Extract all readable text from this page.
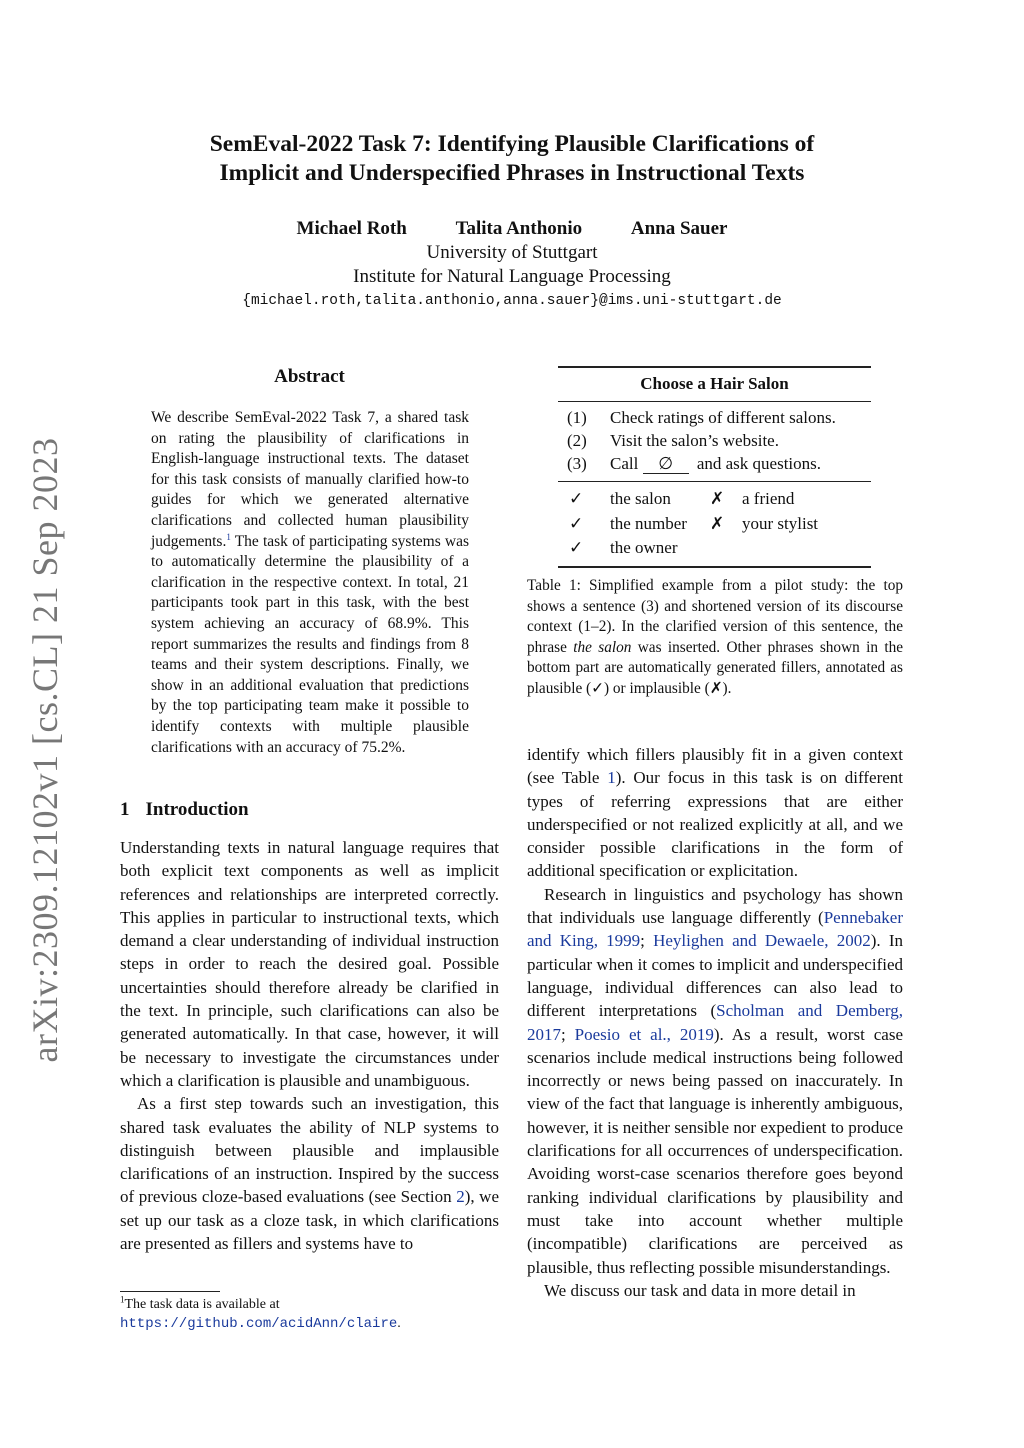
arXiv:2309.12102v1 [cs.CL] 21 Sep 2023
SemEval-2022 Task 7: Identifying Plausible Clarifications of
Implicit and Underspecified Phrases in Instructional Texts
Michael Roth	Talita Anthonio	Anna Sauer
University of Stuttgart
Institute for Natural Language Processing
{michael.roth,talita.anthonio,anna.sauer}@ims.uni-stuttgart.de
Abstract
We describe SemEval-2022 Task 7, a shared task on rating the plausibility of clarifications in English-language instructional texts. The dataset for this task consists of manually clarified how-to guides for which we generated alternative clarifications and collected human plausibility judgements.$^1$ The task of participating systems was to automatically determine the plausibility of a clarification in the respective context. In total, 21 participants took part in this task, with the best system achieving an accuracy of 68.9%. This report summarizes the results and findings from 8 teams and their system descriptions. Finally, we show in an additional evaluation that predictions by the top participating team make it possible to identify contexts with multiple plausible clarifications with an accuracy of 75.2%.
1 Introduction

Understanding texts in natural language requires that both explicit text components as well as implicit references and relationships are interpreted correctly. This applies in particular to instructional texts, which demand a clear understanding of individual instruction steps in order to reach the desired goal. Possible uncertainties should therefore already be clarified in the text. In principle, such clarifications can also be generated automatically. In that case, however, it will be necessary to investigate the circumstances under which a clarification is plausible and unambiguous.

As a first step towards such an investigation, this shared task evaluates the ability of NLP systems to distinguish between plausible and implausible clarifications of an instruction. Inspired by the success of previous cloze-based evaluations (see Section 2), we set up our task as a cloze task, in which clarifications are presented as fillers and systems have to

$^1$The task data is available at https://github.com/acidAnn/claire.
Choose a Hair Salon
(1) Check ratings of different salons.
(2) Visit the salon’s website.
(3) Call ∅ and ask questions.
✓ the salon	✗ a friend
✓ the number	✗ your stylist
✓ the owner
Table 1: Simplified example from a pilot study: the top shows a sentence (3) and shortened version of its discourse context (1–2). In the clarified version of this sentence, the phrase the salon was inserted. Other phrases shown in the bottom part are automatically generated fillers, annotated as plausible (✓) or implausible (✗).

identify which fillers plausibly fit in a given context (see Table 1). Our focus in this task is on different types of referring expressions that are either underspecified or not realized explicitly at all, and we consider possible clarifications in the form of additional specification or explicitation.

Research in linguistics and psychology has shown that individuals use language differently (Pennebaker and King, 1999; Heylighen and Dewaele, 2002). In particular when it comes to implicit and underspecified language, individual differences can also lead to different interpretations (Scholman and Demberg, 2017; Poesio et al., 2019). As a result, worst case scenarios include medical instructions being followed incorrectly or news being passed on inaccurately. In view of the fact that language is inherently ambiguous, however, it is neither sensible nor expedient to produce clarifications for all occurrences of underspecification. Avoiding worst-case scenarios therefore goes beyond ranking individual clarifications by plausibility and must take into account whether multiple (incompatible) clarifications are perceived as plausible, thus reflecting possible misunderstandings.

We discuss our task and data in more detail in
